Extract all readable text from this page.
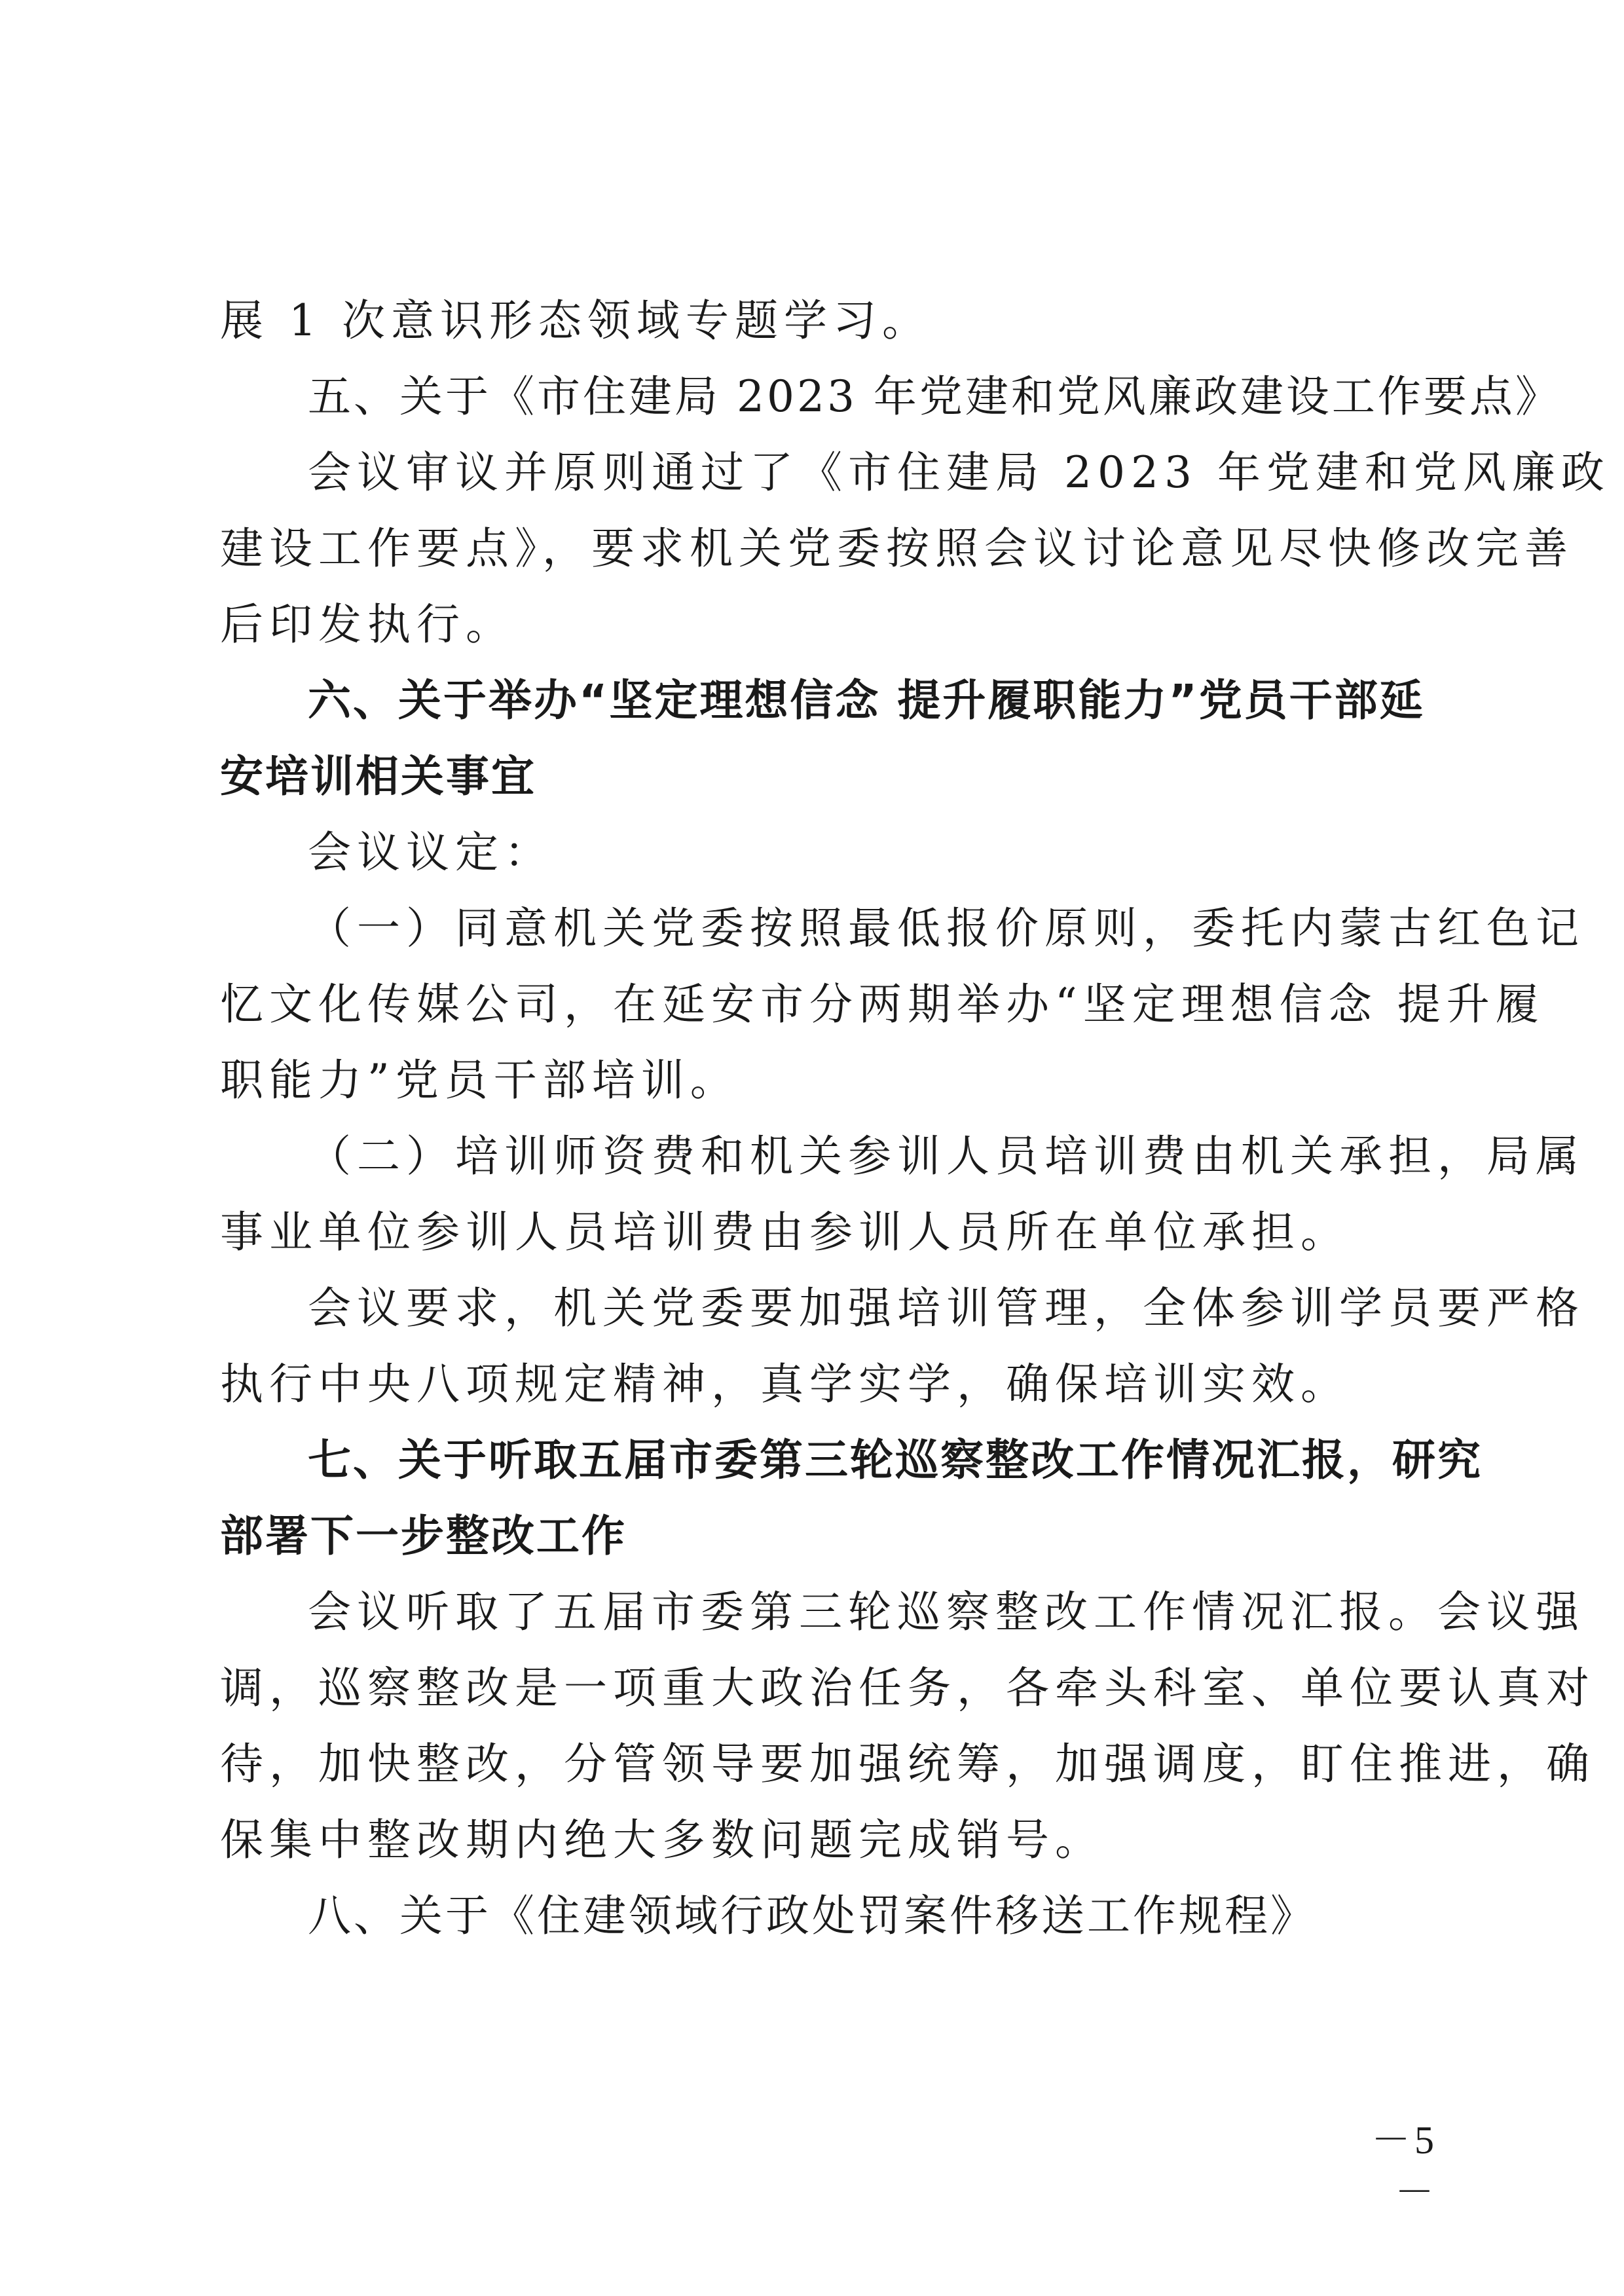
展 1 次意识形态领域专题学习。
五、关于《市住建局 2023 年党建和党风廉政建设工作要点》
会议审议并原则通过了《市住建局 2023 年党建和党风廉政
建设工作要点》，要求机关党委按照会议讨论意见尽快修改完善
后印发执行。
六、关于举办“坚定理想信念 提升履职能力”党员干部延
安培训相关事宜
会议议定：
（一）同意机关党委按照最低报价原则，委托内蒙古红色记
忆文化传媒公司，在延安市分两期举办“坚定理想信念 提升履
职能力”党员干部培训。
（二）培训师资费和机关参训人员培训费由机关承担，局属
事业单位参训人员培训费由参训人员所在单位承担。
会议要求，机关党委要加强培训管理，全体参训学员要严格
执行中央八项规定精神，真学实学，确保培训实效。
七、关于听取五届市委第三轮巡察整改工作情况汇报，研究
部署下一步整改工作
会议听取了五届市委第三轮巡察整改工作情况汇报。会议强
调，巡察整改是一项重大政治任务，各牵头科室、单位要认真对
待，加快整改，分管领导要加强统筹，加强调度，盯住推进，确
保集中整改期内绝大多数问题完成销号。
八、关于《住建领域行政处罚案件移送工作规程》
－5－
